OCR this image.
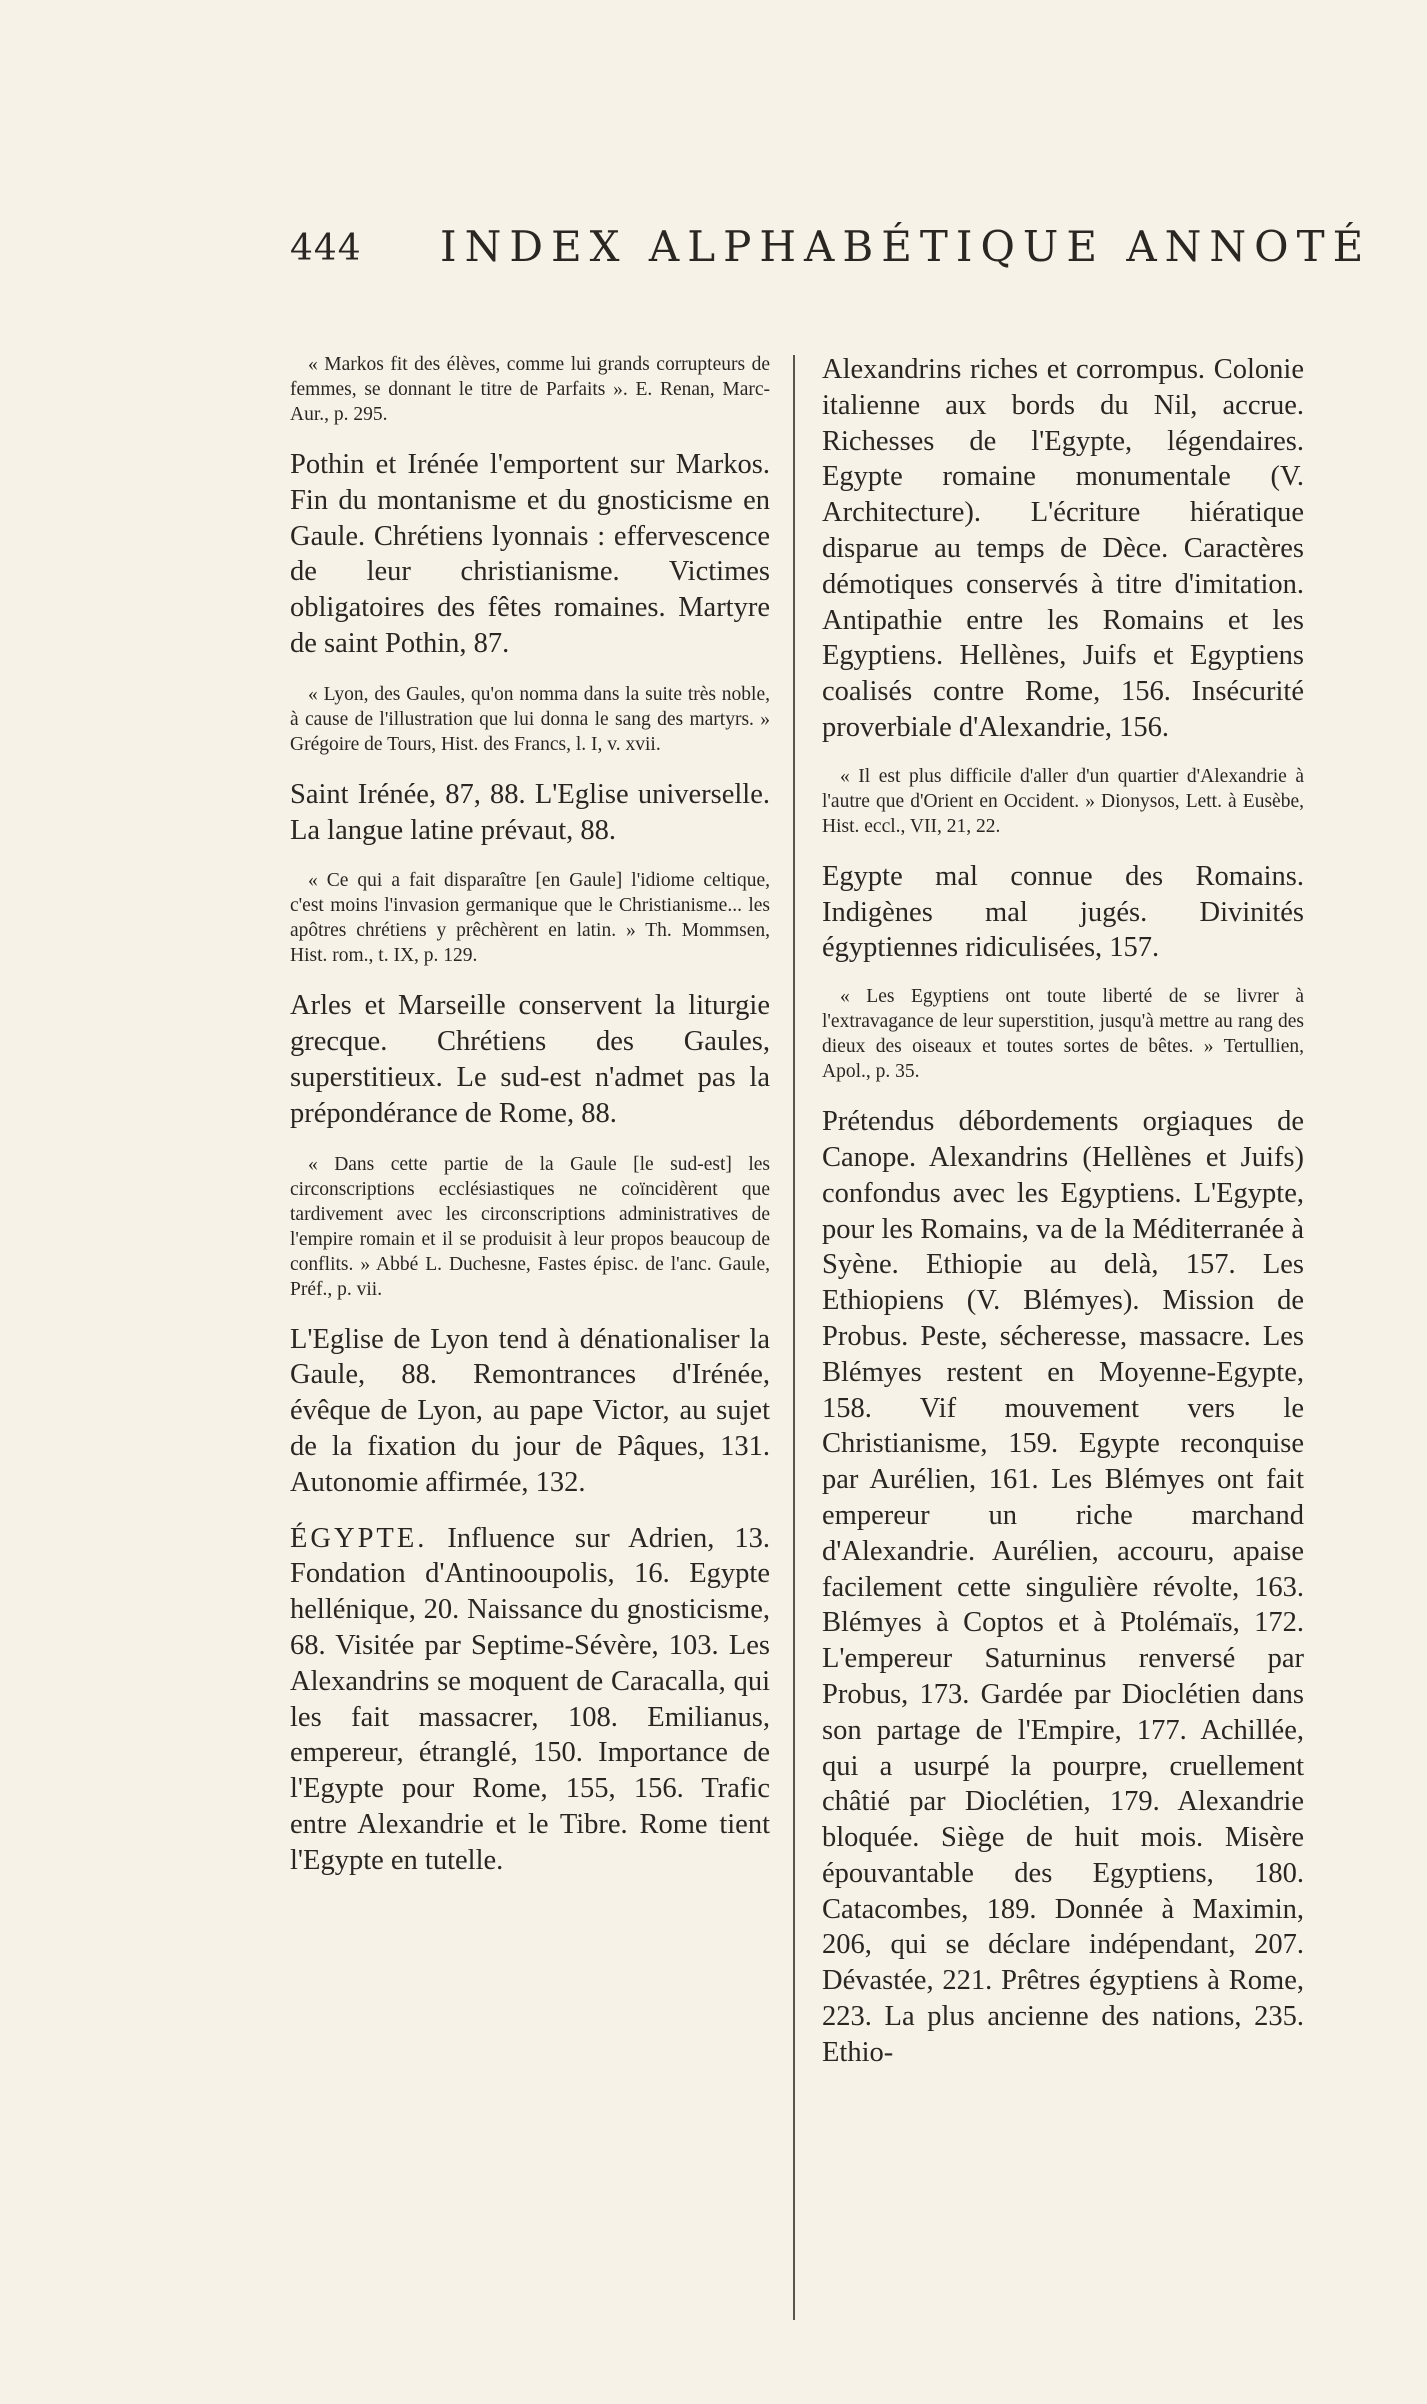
444 INDEX ALPHABÉTIQUE ANNOTÉ

« Markos fit des élèves, comme lui grands corrupteurs de femmes, se donnant le titre de Parfaits ». E. Renan, Marc-Aur., p. 295.

Pothin et Irénée l'emportent sur Markos. Fin du montanisme et du gnosticisme en Gaule. Chrétiens lyonnais : effervescence de leur christianisme. Victimes obligatoires des fêtes romaines. Martyre de saint Pothin, 87.

« Lyon, des Gaules, qu'on nomma dans la suite très noble, à cause de l'illustration que lui donna le sang des martyrs. » Grégoire de Tours, Hist. des Francs, l. I, v. xvii.

Saint Irénée, 87, 88. L'Eglise universelle. La langue latine prévaut, 88.

« Ce qui a fait disparaître [en Gaule] l'idiome celtique, c'est moins l'invasion germanique que le Christianisme... les apôtres chrétiens y prêchèrent en latin. » Th. Mommsen, Hist. rom., t. IX, p. 129.

Arles et Marseille conservent la liturgie grecque. Chrétiens des Gaules, superstitieux. Le sud-est n'admet pas la prépondérance de Rome, 88.

« Dans cette partie de la Gaule [le sud-est] les circonscriptions ecclésiastiques ne coïncidèrent que tardivement avec les circonscriptions administratives de l'empire romain et il se produisit à leur propos beaucoup de conflits. » Abbé L. Duchesne, Fastes épisc. de l'anc. Gaule, Préf., p. vii.

L'Eglise de Lyon tend à dénationaliser la Gaule, 88. Remontrances d'Irénée, évêque de Lyon, au pape Victor, au sujet de la fixation du jour de Pâques, 131. Autonomie affirmée, 132.

ÉGYPTE. Influence sur Adrien, 13. Fondation d'Antinooupolis, 16. Egypte hellénique, 20. Naissance du gnosticisme, 68. Visitée par Septime-Sévère, 103. Les Alexandrins se moquent de Caracalla, qui les fait massacrer, 108. Emilianus, empereur, étranglé, 150. Importance de l'Egypte pour Rome, 155, 156. Trafic entre Alexandrie et le Tibre. Rome tient l'Egypte en tutelle.

Alexandrins riches et corrompus. Colonie italienne aux bords du Nil, accrue. Richesses de l'Egypte, légendaires. Egypte romaine monumentale (V. Architecture). L'écriture hiératique disparue au temps de Dèce. Caractères démotiques conservés à titre d'imitation. Antipathie entre les Romains et les Egyptiens. Hellènes, Juifs et Egyptiens coalisés contre Rome, 156. Insécurité proverbiale d'Alexandrie, 156.

« Il est plus difficile d'aller d'un quartier d'Alexandrie à l'autre que d'Orient en Occident. » Dionysos, Lett. à Eusèbe, Hist. eccl., VII, 21, 22.

Egypte mal connue des Romains. Indigènes mal jugés. Divinités égyptiennes ridiculisées, 157.

« Les Egyptiens ont toute liberté de se livrer à l'extravagance de leur superstition, jusqu'à mettre au rang des dieux des oiseaux et toutes sortes de bêtes. » Tertullien, Apol., p. 35.

Prétendus débordements orgiaques de Canope. Alexandrins (Hellènes et Juifs) confondus avec les Egyptiens. L'Egypte, pour les Romains, va de la Méditerranée à Syène. Ethiopie au delà, 157. Les Ethiopiens (V. Blémyes). Mission de Probus. Peste, sécheresse, massacre. Les Blémyes restent en Moyenne-Egypte, 158. Vif mouvement vers le Christianisme, 159. Egypte reconquise par Aurélien, 161. Les Blémyes ont fait empereur un riche marchand d'Alexandrie. Aurélien, accouru, apaise facilement cette singulière révolte, 163. Blémyes à Coptos et à Ptolémaïs, 172. L'empereur Saturninus renversé par Probus, 173. Gardée par Dioclétien dans son partage de l'Empire, 177. Achillée, qui a usurpé la pourpre, cruellement châtié par Dioclétien, 179. Alexandrie bloquée. Siège de huit mois. Misère épouvantable des Egyptiens, 180. Catacombes, 189. Donnée à Maximin, 206, qui se déclare indépendant, 207. Dévastée, 221. Prêtres égyptiens à Rome, 223. La plus ancienne des nations, 235. Ethio-
